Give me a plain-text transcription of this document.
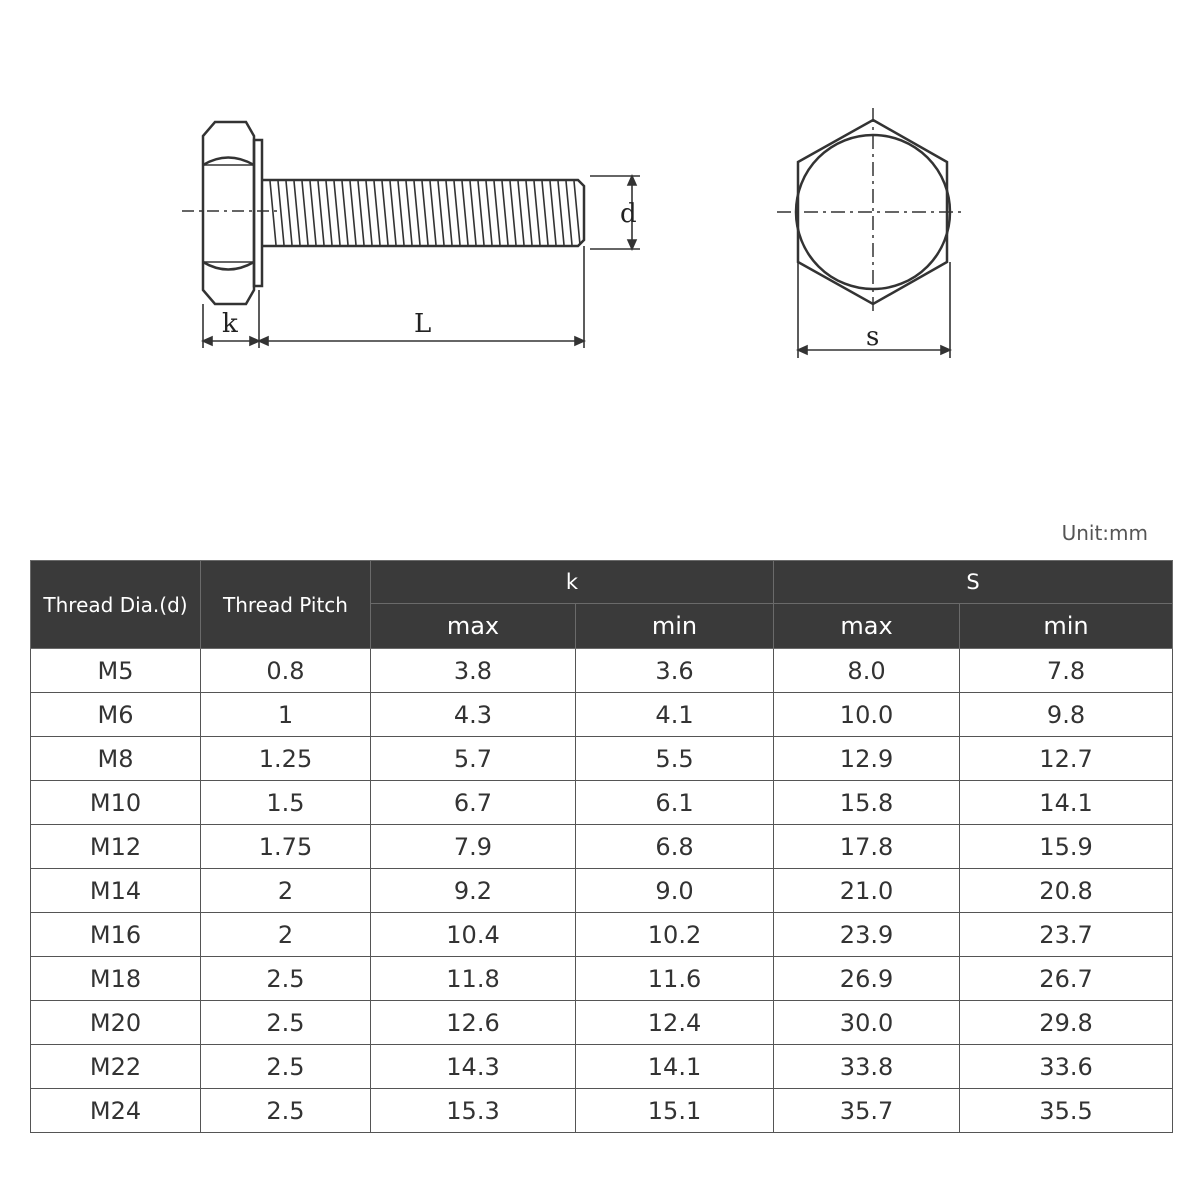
k	L
d
s
Unit:mm
Thread Dia.(d)	Thread Pitch	k		S	
		max	min	max	min
M5	0.8	3.8	3.6	8.0	7.8
M6	1	4.3	4.1	10.0	9.8
M8	1.25	5.7	5.5	12.9	12.7
M10	1.5	6.7	6.1	15.8	14.1
M12	1.75	7.9	6.8	17.8	15.9
M14	2	9.2	9.0	21.0	20.8
M16	2	10.4	10.2	23.9	23.7
M18	2.5	11.8	11.6	26.9	26.7
M20	2.5	12.6	12.4	30.0	29.8
M22	2.5	14.3	14.1	33.8	33.6
M24	2.5	15.3	15.1	35.7	35.5
